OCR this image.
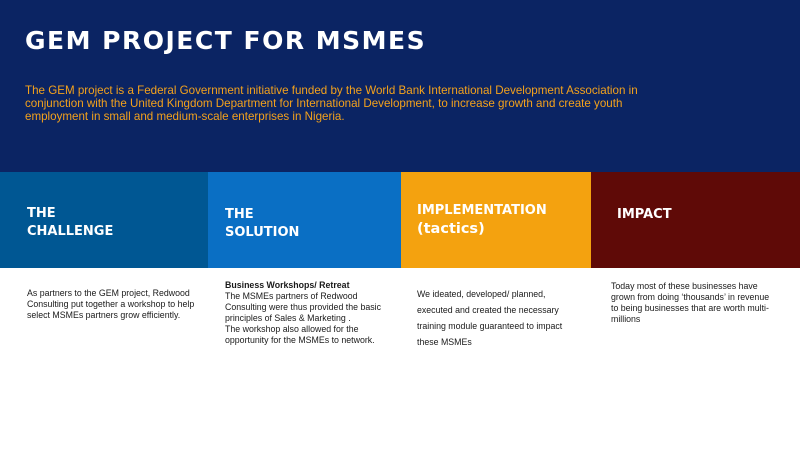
GEM PROJECT FOR MSMES

The GEM project is a Federal Government initiative funded by the World Bank International Development Association in conjunction with the United Kingdom Department for International Development, to increase growth and create youth employment in small and medium-scale enterprises in Nigeria.

THE
CHALLENGE
THE
SOLUTION
IMPLEMENTATION
(tactics)
IMPACT

As partners to the GEM project, Redwood Consulting put together a workshop to help select MSMEs partners grow efficiently.

Business Workshops/ Retreat
The MSMEs partners of Redwood Consulting were thus provided the basic principles of Sales & Marketing .
The workshop also allowed for the opportunity for the MSMEs to network.

We ideated, developed/ planned, executed and created the necessary training module guaranteed to impact these MSMEs

Today most of these businesses have grown from doing ‘thousands’ in revenue to being businesses that are worth multi-millions
